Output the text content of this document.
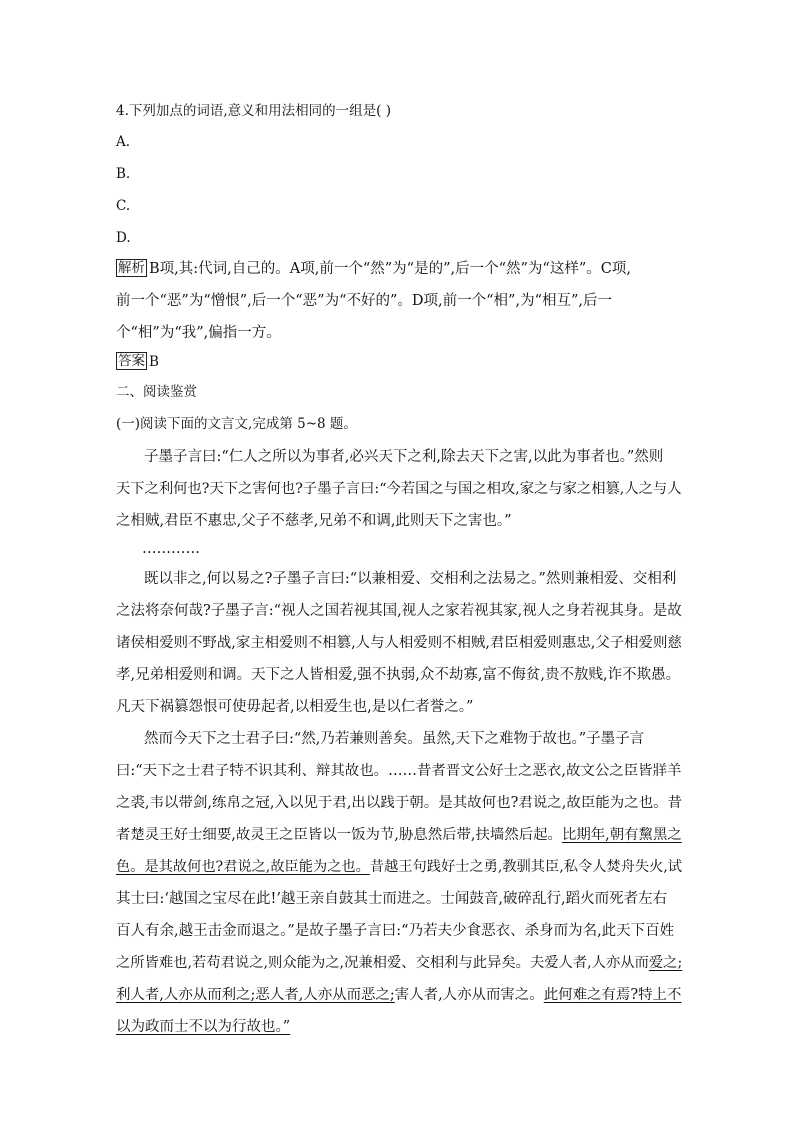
4.下列加点的词语,意义和用法相同的一组是( )
A.
B.
C.
D.
解析 B项,其:代词,自己的。A项,前一个“然”为“是的”,后一个“然”为“这样”。C项,
前一个“恶”为“憎恨”,后一个“恶”为“不好的”。D项,前一个“相”,为“相互”,后一
个“相”为“我”,偏指一方。
答案 B
二、阅读鉴赏
(一)阅读下面的文言文,完成第 5~8 题。
子墨子言曰:“仁人之所以为事者,必兴天下之利,除去天下之害,以此为事者也。”然则
天下之利何也?天下之害何也?子墨子言曰:“今若国之与国之相攻,家之与家之相篡,人之与人
之相贼,君臣不惠忠,父子不慈孝,兄弟不和调,此则天下之害也。”
…………
既以非之,何以易之?子墨子言曰:“以兼相爱、交相利之法易之。”然则兼相爱、交相利
之法将奈何哉?子墨子言:“视人之国若视其国,视人之家若视其家,视人之身若视其身。是故
诸侯相爱则不野战,家主相爱则不相篡,人与人相爱则不相贼,君臣相爱则惠忠,父子相爱则慈
孝,兄弟相爱则和调。天下之人皆相爱,强不执弱,众不劫寡,富不侮贫,贵不敖贱,诈不欺愚。
凡天下祸篡怨恨可使毋起者,以相爱生也,是以仁者誉之。”
然而今天下之士君子曰:“然,乃若兼则善矣。虽然,天下之难物于故也。”子墨子言
曰:“天下之士君子特不识其利、辩其故也。……昔者晋文公好士之恶衣,故文公之臣皆牂羊
之裘,韦以带剑,练帛之冠,入以见于君,出以践于朝。是其故何也?君说之,故臣能为之也。昔
者楚灵王好士细要,故灵王之臣皆以一饭为节,胁息然后带,扶墙然后起。比期年,朝有黧黑之
色。是其故何也?君说之,故臣能为之也。昔越王句践好士之勇,教驯其臣,私令人焚舟失火,试
其士曰:‘越国之宝尽在此!’越王亲自鼓其士而进之。士闻鼓音,破碎乱行,蹈火而死者左右
百人有余,越王击金而退之。”是故子墨子言曰:“乃若夫少食恶衣、杀身而为名,此天下百姓
之所皆难也,若苟君说之,则众能为之,况兼相爱、交相利与此异矣。夫爱人者,人亦从而爱之;
利人者,人亦从而利之;恶人者,人亦从而恶之;害人者,人亦从而害之。此何难之有焉?特上不
以为政而士不以为行故也。”
